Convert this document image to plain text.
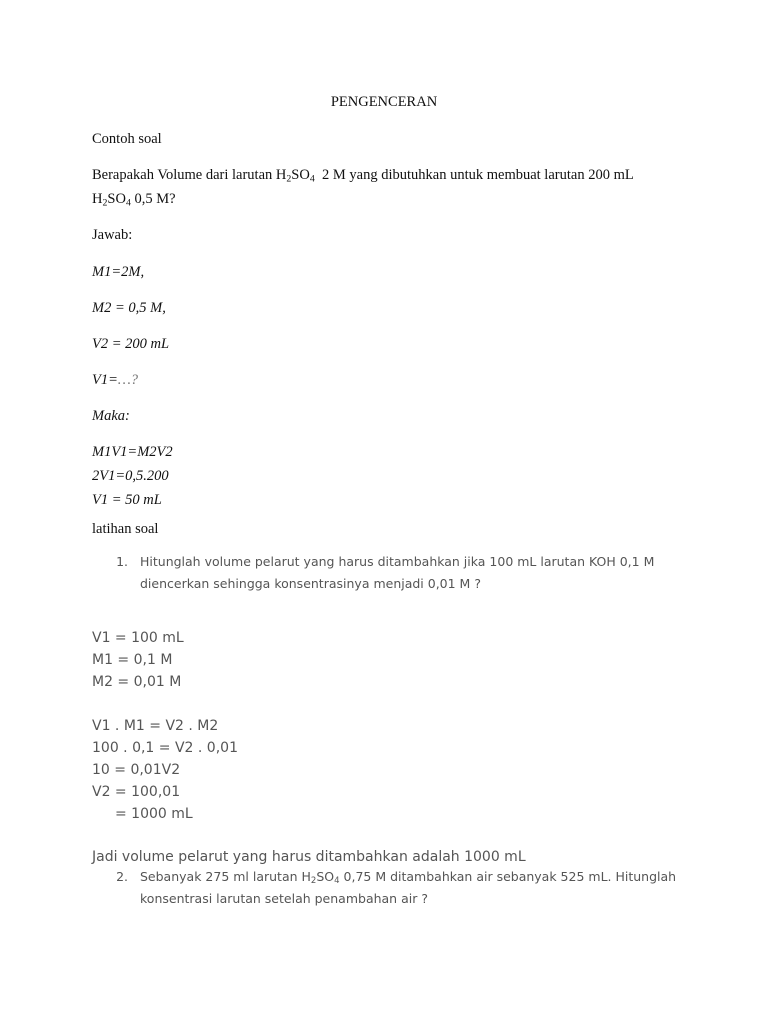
PENGENCERAN
Contoh soal
Berapakah Volume dari larutan $H_2SO_4$  2 M yang dibutuhkan untuk membuat larutan 200 mL
$H_2SO_4$ 0,5 M?
Jawab:
M1=2M,
M2 = 0,5 M,
V2 = 200 mL
V1=…?
Maka:
M1V1=M2V2
2V1=0,5.200
V1 = 50 mL
latihan soal
1. Hitunglah volume pelarut yang harus ditambahkan jika 100 mL larutan KOH 0,1 M
diencerkan sehingga konsentrasinya menjadi 0,01 M ?
V1 = 100 mL
M1 = 0,1 M
M2 = 0,01 M
V1 . M1 = V2 . M2
100 . 0,1 = V2 . 0,01
10 = 0,01V2
V2 = 100,01
= 1000 mL
Jadi volume pelarut yang harus ditambahkan adalah 1000 mL
2. Sebanyak 275 ml larutan $H_2SO_4$ 0,75 M ditambahkan air sebanyak 525 mL. Hitunglah
konsentrasi larutan setelah penambahan air ?
